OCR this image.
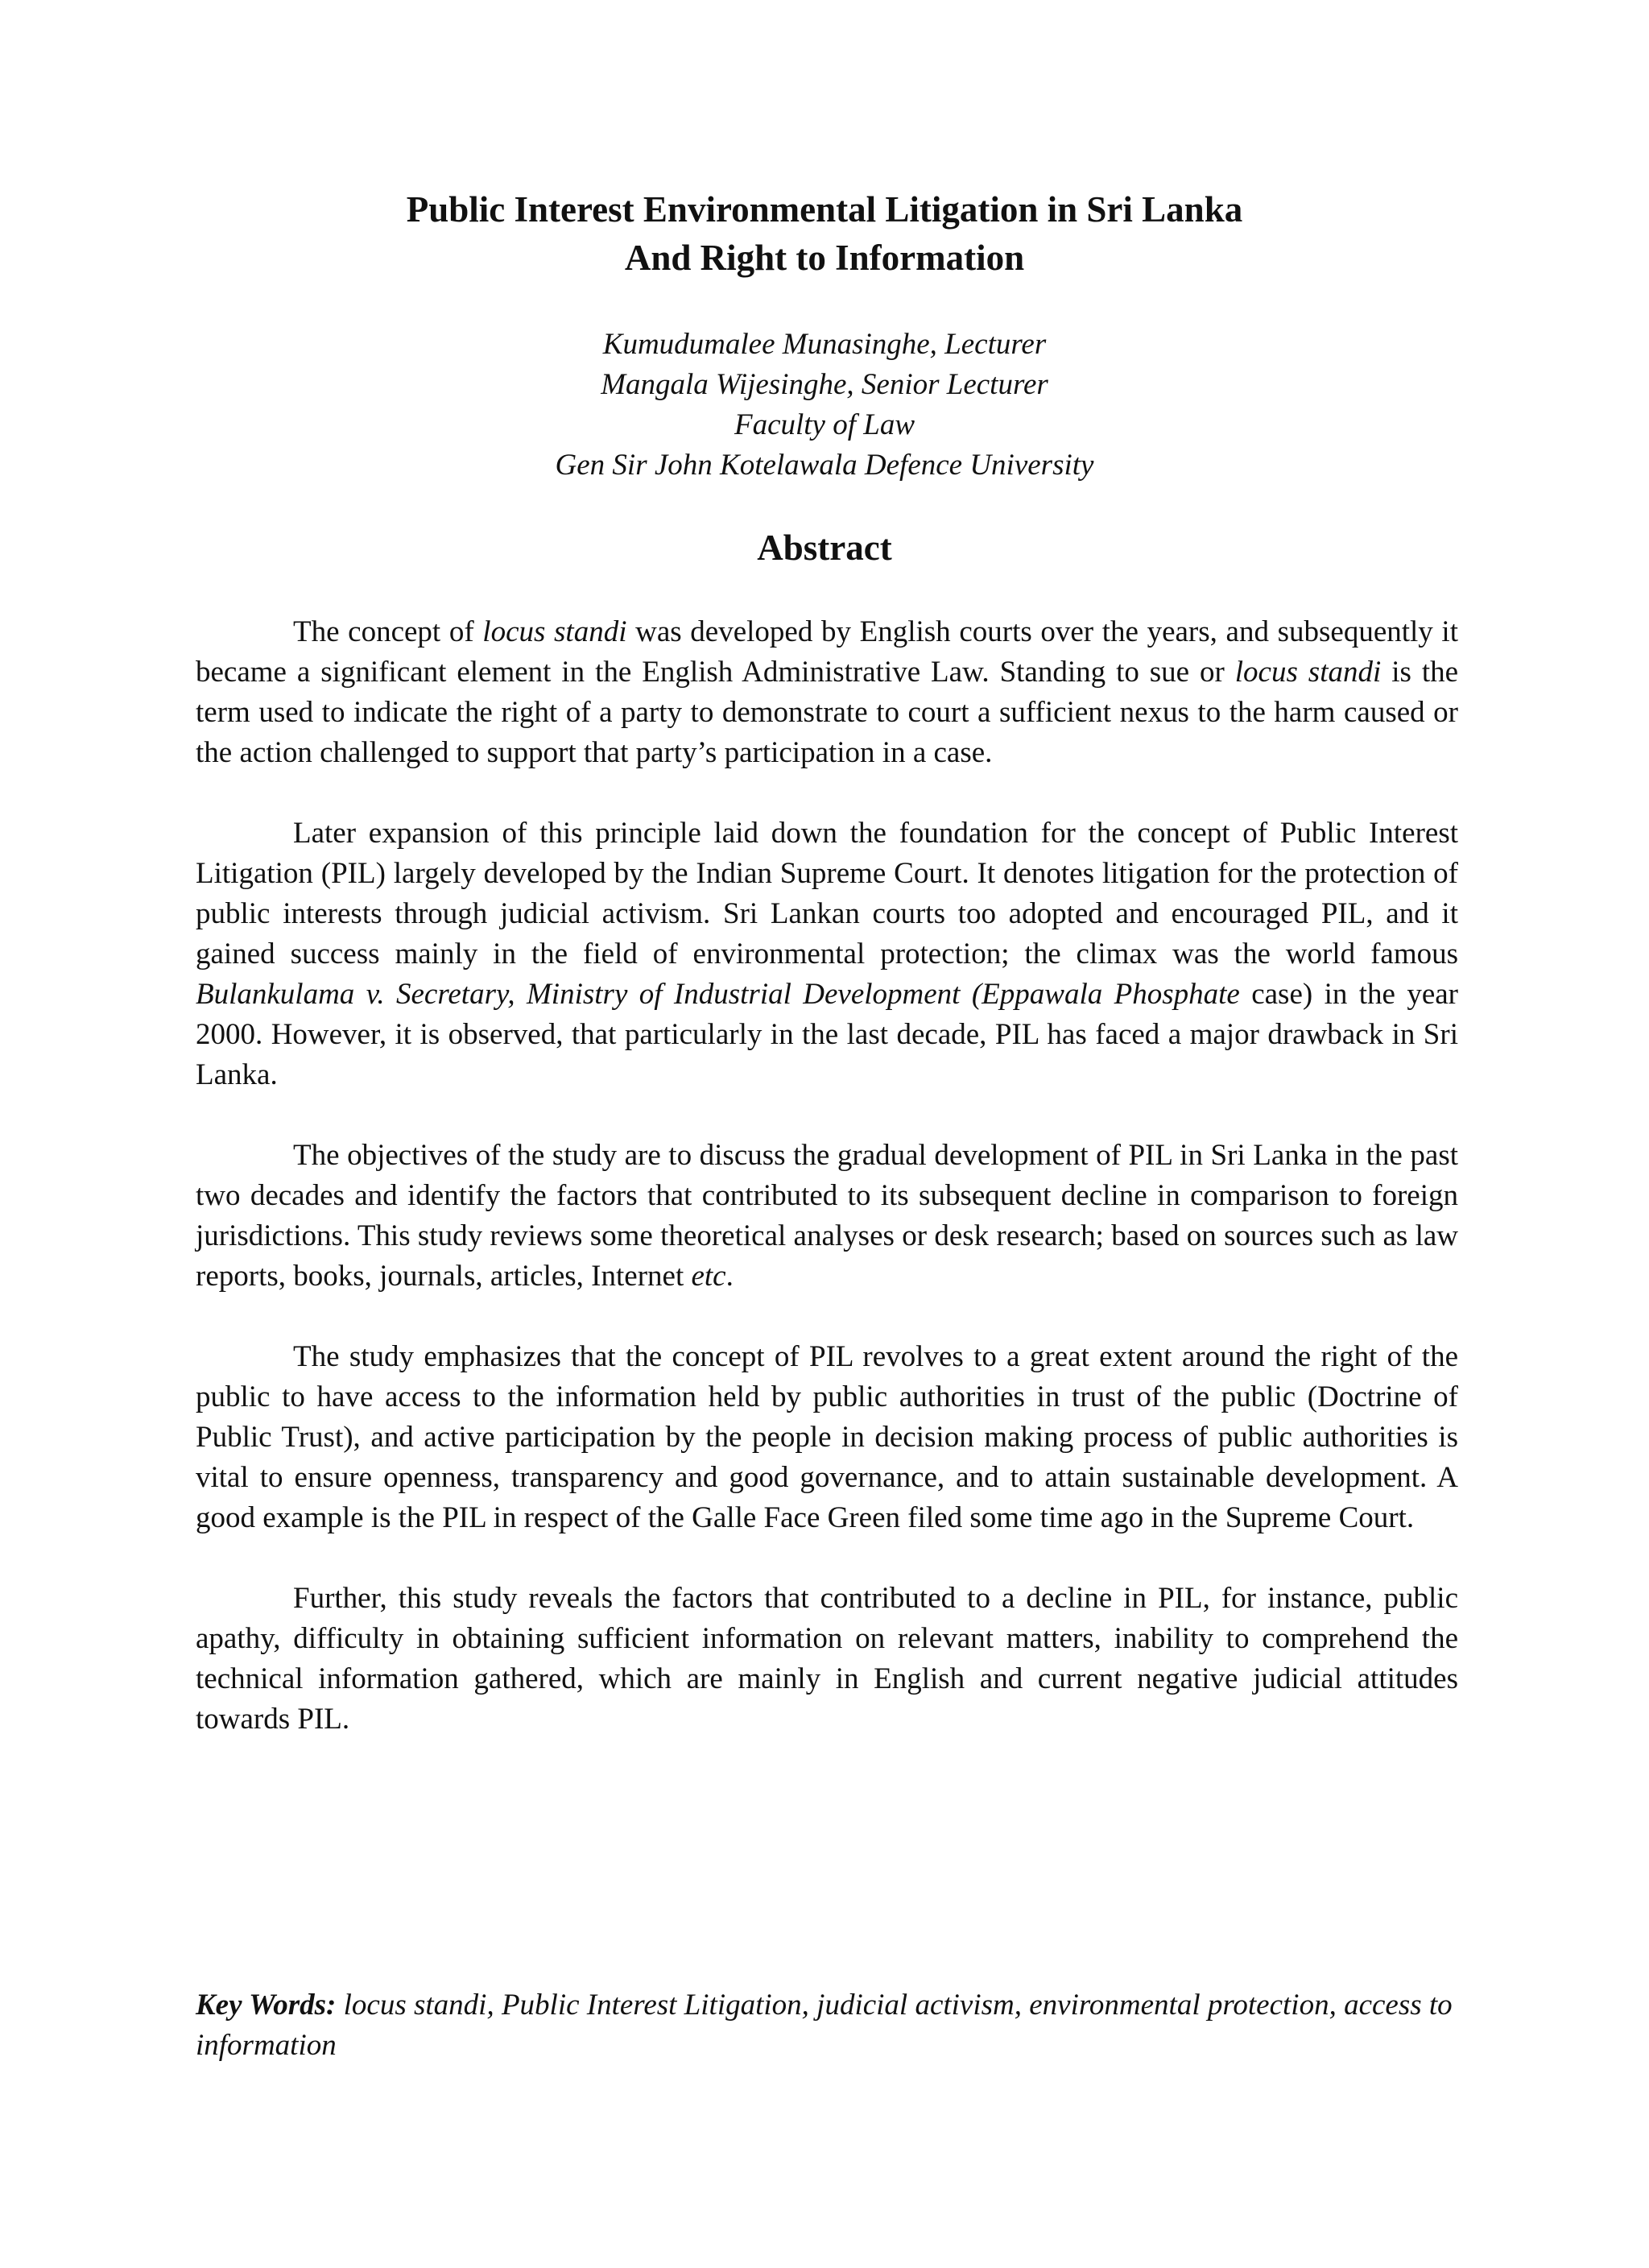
Public Interest Environmental Litigation in Sri Lanka
And Right to Information
Kumudumalee Munasinghe, Lecturer
Mangala Wijesinghe, Senior Lecturer
Faculty of Law
Gen Sir John Kotelawala Defence University
Abstract

The concept of locus standi was developed by English courts over the years, and subsequently it became a significant element in the English Administrative Law. Standing to sue or locus standi is the term used to indicate the right of a party to demonstrate to court a sufficient nexus to the harm caused or the action challenged to support that party’s participation in a case.

Later expansion of this principle laid down the foundation for the concept of Public Interest Litigation (PIL) largely developed by the Indian Supreme Court. It denotes litigation for the protection of public interests through judicial activism. Sri Lankan courts too adopted and encouraged PIL, and it gained success mainly in the field of environmental protection; the climax was the world famous Bulankulama v. Secretary, Ministry of Industrial Development (Eppawala Phosphate case) in the year 2000. However, it is observed, that particularly in the last decade, PIL has faced a major drawback in Sri Lanka.

The objectives of the study are to discuss the gradual development of PIL in Sri Lanka in the past two decades and identify the factors that contributed to its subsequent decline in comparison to foreign jurisdictions. This study reviews some theoretical analyses or desk research; based on sources such as law reports, books, journals, articles, Internet etc.

The study emphasizes that the concept of PIL revolves to a great extent around the right of the public to have access to the information held by public authorities in trust of the public (Doctrine of Public Trust), and active participation by the people in decision making process of public authorities is vital to ensure openness, transparency and good governance, and to attain sustainable development. A good example is the PIL in respect of the Galle Face Green filed some time ago in the Supreme Court.

Further, this study reveals the factors that contributed to a decline in PIL, for instance, public apathy, difficulty in obtaining sufficient information on relevant matters, inability to comprehend the technical information gathered, which are mainly in English and current negative judicial attitudes towards PIL.

Key Words: locus standi, Public Interest Litigation, judicial activism, environmental protection, access to information
